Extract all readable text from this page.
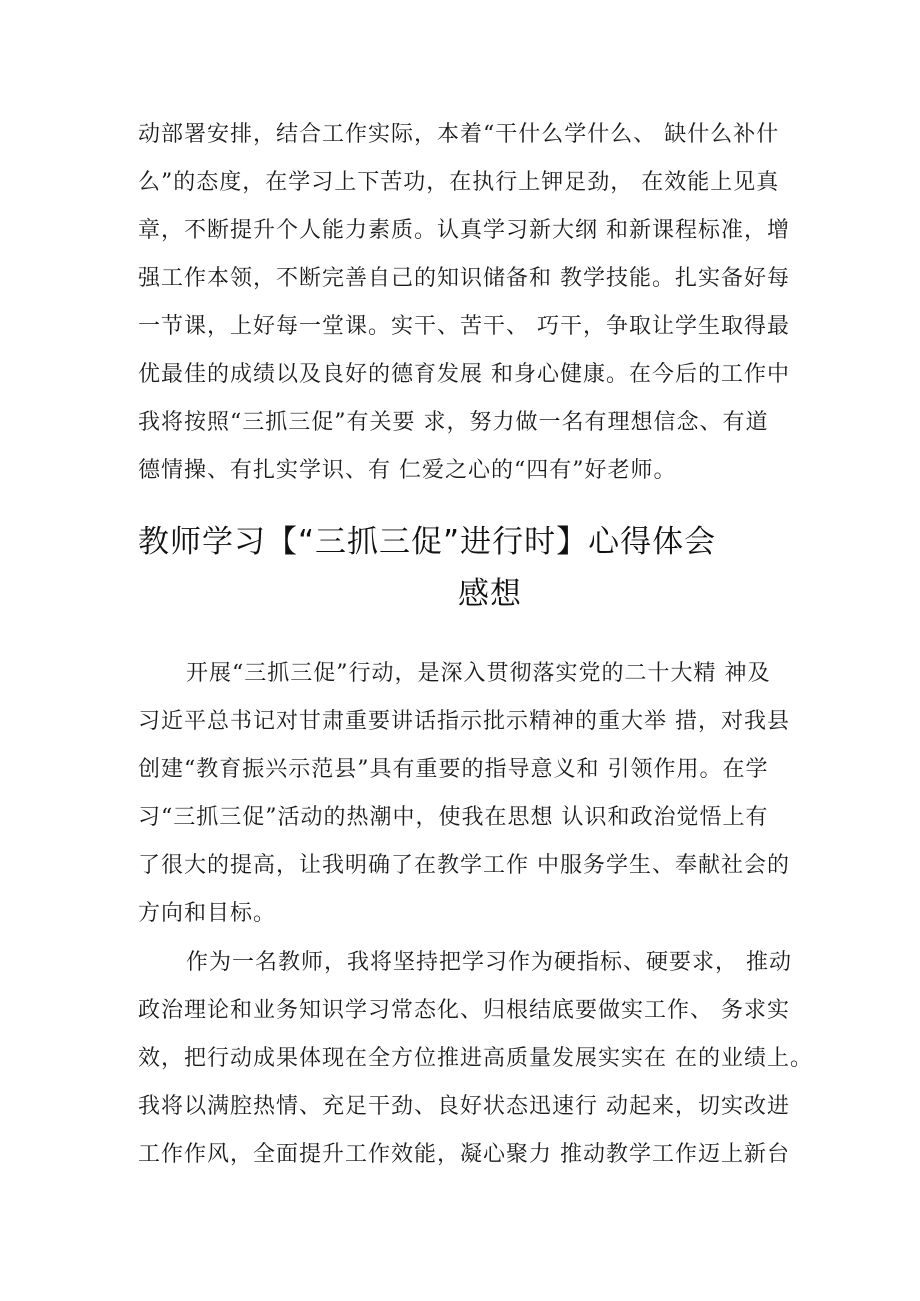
动部署安排，结合工作实际，本着“干什么学什么、 缺什么补什
么”的态度，在学习上下苦功，在执行上钾足劲， 在效能上见真
章，不断提升个人能力素质。认真学习新大纲 和新课程标准，增
强工作本领，不断完善自己的知识储备和 教学技能。扎实备好每
一节课，上好每一堂课。实干、苦干、 巧干，争取让学生取得最
优最佳的成绩以及良好的德育发展 和身心健康。在今后的工作中
我将按照“三抓三促”有关要 求，努力做一名有理想信念、有道
德情操、有扎实学识、有 仁爱之心的“四有”好老师。
教师学习【“三抓三促”进行时】心得体会
感想
开展“三抓三促”行动，是深入贯彻落实党的二十大精 神及
习近平总书记对甘肃重要讲话指示批示精神的重大举 措，对我县
创建“教育振兴示范县”具有重要的指导意义和 引领作用。在学
习“三抓三促”活动的热潮中，使我在思想 认识和政治觉悟上有
了很大的提高，让我明确了在教学工作 中服务学生、奉献社会的
方向和目标。
作为一名教师，我将坚持把学习作为硬指标、硬要求， 推动
政治理论和业务知识学习常态化、归根结底要做实工作、 务求实
效，把行动成果体现在全方位推进高质量发展实实在 在的业绩上。
我将以满腔热情、充足干劲、良好状态迅速行 动起来，切实改进
工作作风，全面提升工作效能，凝心聚力 推动教学工作迈上新台
